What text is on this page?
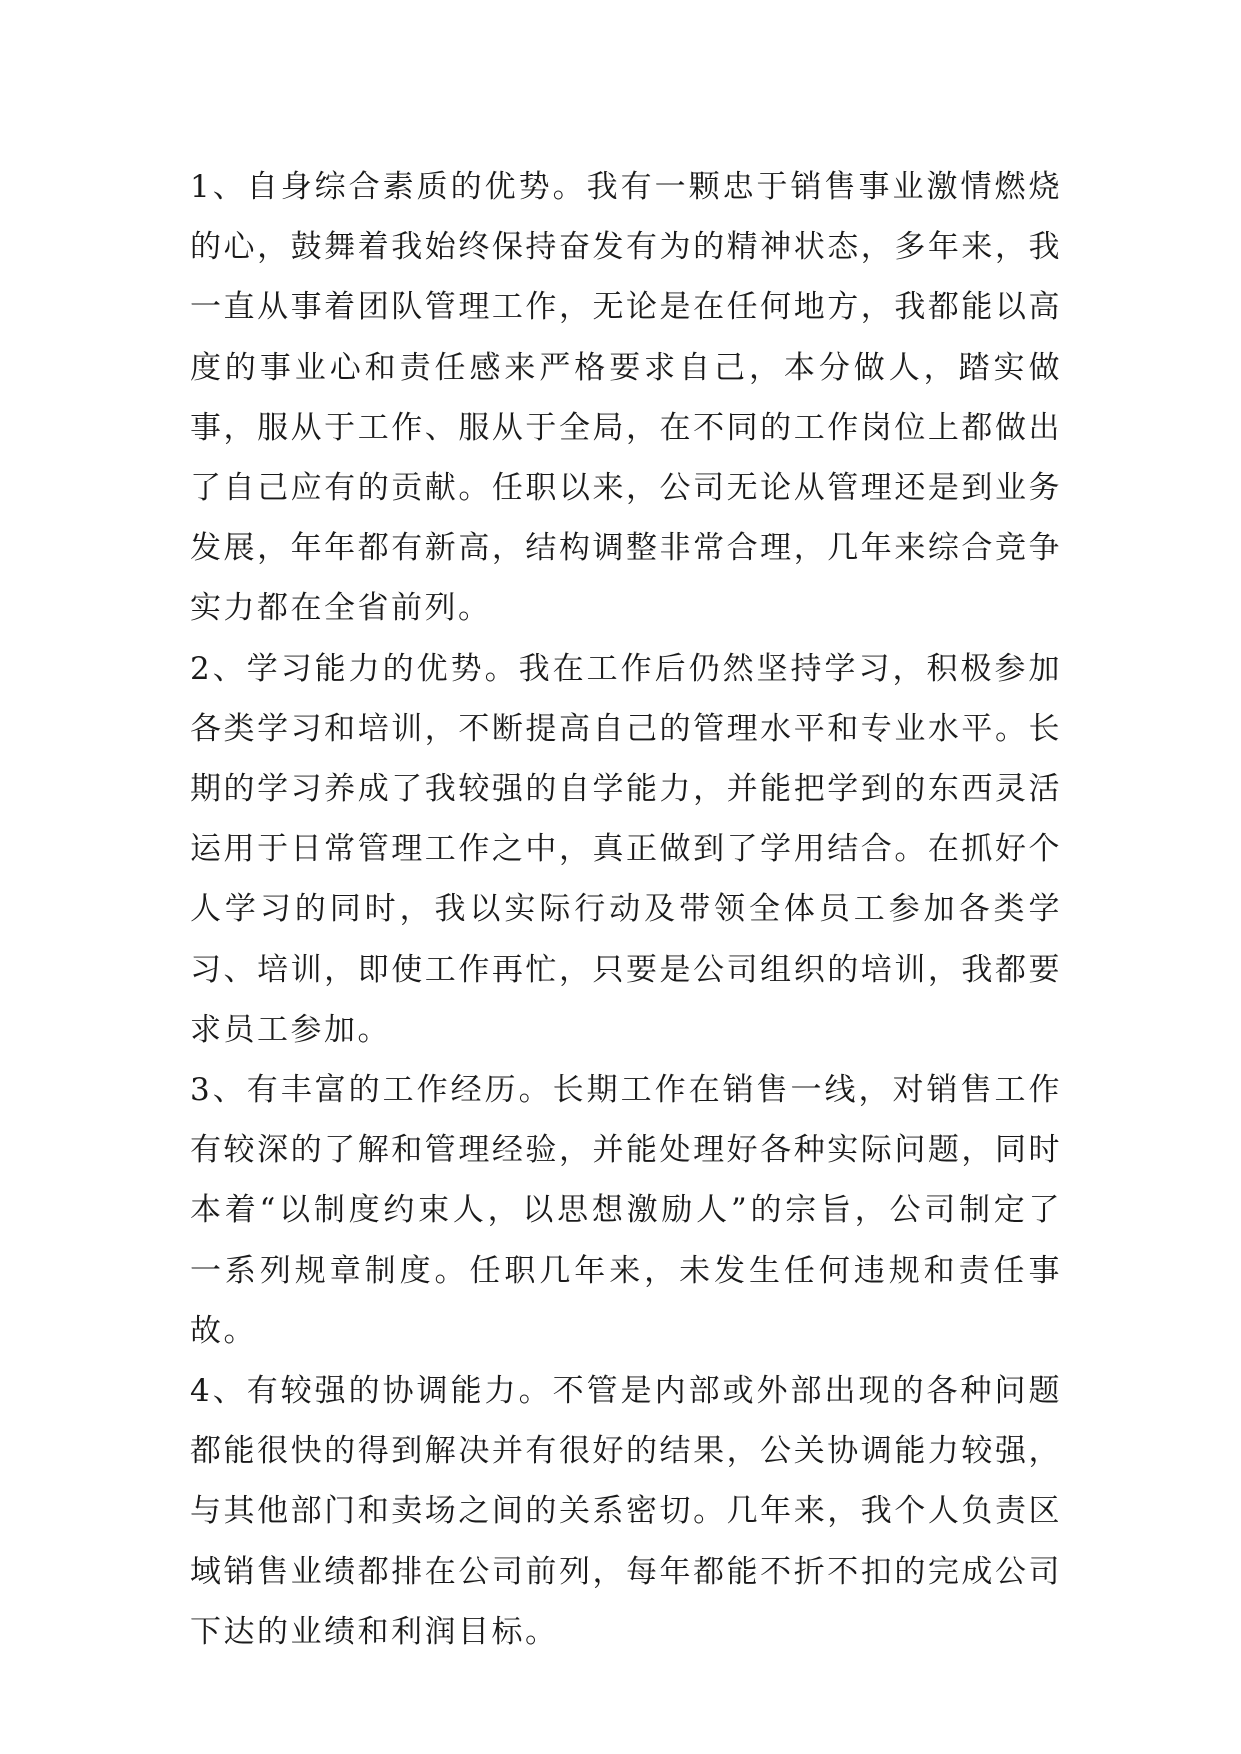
1、自身综合素质的优势。我有一颗忠于销售事业激情燃烧的心，鼓舞着我始终保持奋发有为的精神状态，多年来，我一直从事着团队管理工作，无论是在任何地方，我都能以高度的事业心和责任感来严格要求自己，本分做人，踏实做事，服从于工作、服从于全局，在不同的工作岗位上都做出了自己应有的贡献。任职以来，公司无论从管理还是到业务发展，年年都有新高，结构调整非常合理，几年来综合竞争实力都在全省前列。

2、学习能力的优势。我在工作后仍然坚持学习，积极参加各类学习和培训，不断提高自己的管理水平和专业水平。长期的学习养成了我较强的自学能力，并能把学到的东西灵活运用于日常管理工作之中，真正做到了学用结合。在抓好个人学习的同时，我以实际行动及带领全体员工参加各类学习、培训，即使工作再忙，只要是公司组织的培训，我都要求员工参加。

3、有丰富的工作经历。长期工作在销售一线，对销售工作有较深的了解和管理经验，并能处理好各种实际问题，同时本着“以制度约束人，以思想激励人”的宗旨，公司制定了一系列规章制度。任职几年来，未发生任何违规和责任事故。

4、有较强的协调能力。不管是内部或外部出现的各种问题都能很快的得到解决并有很好的结果，公关协调能力较强，与其他部门和卖场之间的关系密切。几年来，我个人负责区域销售业绩都排在公司前列，每年都能不折不扣的完成公司下达的业绩和利润目标。
